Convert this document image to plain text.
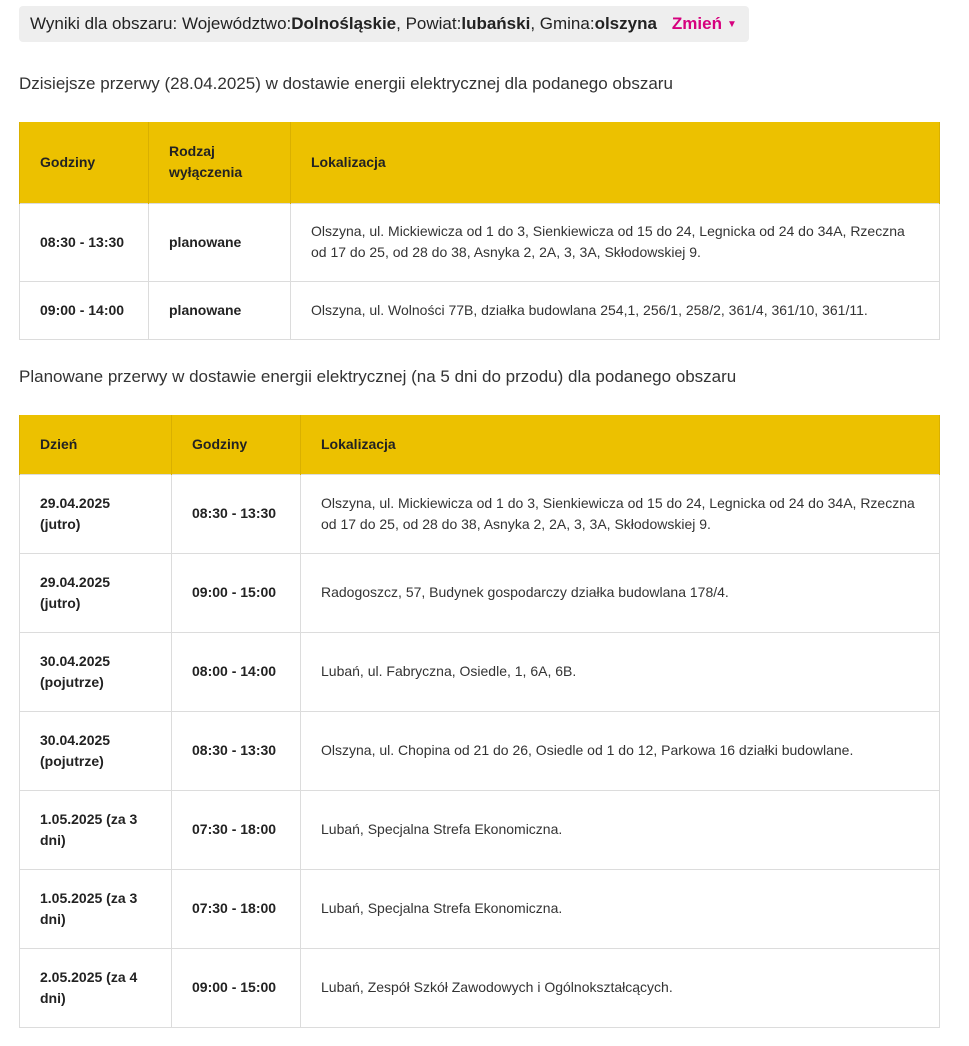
Wyniki dla obszaru: Województwo: Dolnośląskie , Powiat: lubański , Gmina: olszyna Zmień ▼
Dzisiejsze przerwy (28.04.2025) w dostawie energii elektrycznej dla podanego obszaru
Godziny	Rodzaj wyłączenia	Lokalizacja
08:30 - 13:30	planowane	Olszyna, ul. Mickiewicza od 1 do 3, Sienkiewicza od 15 do 24, Legnicka od 24 do 34A, Rzeczna od 17 do 25, od 28 do 38, Asnyka 2, 2A, 3, 3A, Skłodowskiej 9.
09:00 - 14:00	planowane	Olszyna, ul. Wolności 77B, działka budowlana 254,1, 256/1, 258/2, 361/4, 361/10, 361/11.
Planowane przerwy w dostawie energii elektrycznej (na 5 dni do przodu) dla podanego obszaru
Dzień	Godziny	Lokalizacja
29.04.2025 (jutro)	08:30 - 13:30	Olszyna, ul. Mickiewicza od 1 do 3, Sienkiewicza od 15 do 24, Legnicka od 24 do 34A, Rzeczna od 17 do 25, od 28 do 38, Asnyka 2, 2A, 3, 3A, Skłodowskiej 9.
29.04.2025 (jutro)	09:00 - 15:00	Radogoszcz, 57, Budynek gospodarczy działka budowlana 178/4.
30.04.2025 (pojutrze)	08:00 - 14:00	Lubań, ul. Fabryczna, Osiedle, 1, 6A, 6B.
30.04.2025 (pojutrze)	08:30 - 13:30	Olszyna, ul. Chopina od 21 do 26, Osiedle od 1 do 12, Parkowa 16 działki budowlane.
1.05.2025 (za 3 dni)	07:30 - 18:00	Lubań, Specjalna Strefa Ekonomiczna.
1.05.2025 (za 3 dni)	07:30 - 18:00	Lubań, Specjalna Strefa Ekonomiczna.
2.05.2025 (za 4 dni)	09:00 - 15:00	Lubań, Zespół Szkół Zawodowych i Ogólnokształcących.
